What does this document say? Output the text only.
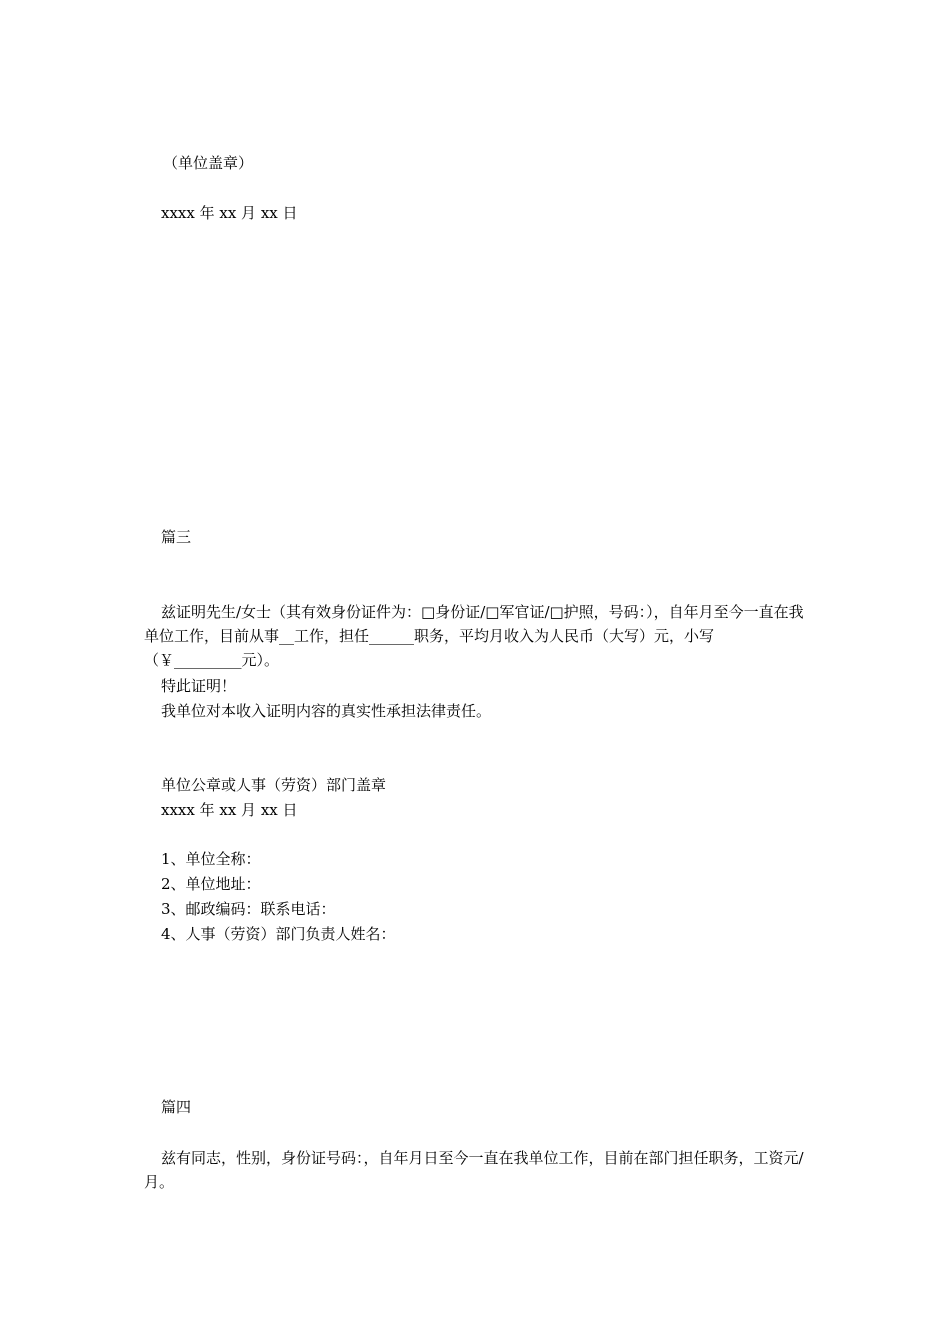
（单位盖章）
xxxx 年 xx 月 xx 日
篇三
兹证明先生/女士（其有效身份证件为：□身份证/□军官证/□护照，号码：），自年月至今一直在我单位工作，目前从事__工作，担任______职务，平均月收入为人民币（大写）元，小写（￥_________元）。
特此证明！
我单位对本收入证明内容的真实性承担法律责任。
单位公章或人事（劳资）部门盖章
xxxx 年 xx 月 xx 日
1、单位全称：
2、单位地址：
3、邮政编码：联系电话：
4、人事（劳资）部门负责人姓名：
篇四
兹有同志，性别，身份证号码：，自年月日至今一直在我单位工作，目前在部门担任职务，工资元/月。
